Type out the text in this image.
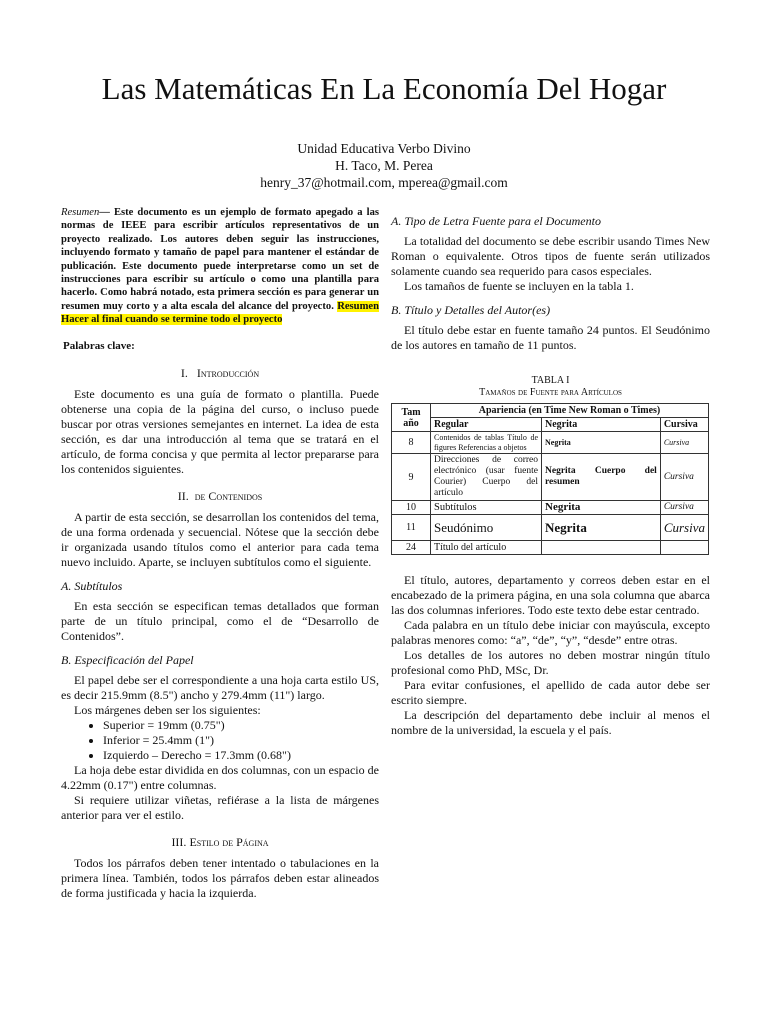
Las Matemáticas En La Economía Del Hogar
Unidad Educativa Verbo Divino
H. Taco, M. Perea
henry_37@hotmail.com, mperea@gmail.com

Resumen— Este documento es un ejemplo de formato apegado a las normas de IEEE para escribir artículos representativos de un proyecto realizado. Los autores deben seguir las instrucciones, incluyendo formato y tamaño de papel para mantener el estándar de publicación. Este documento puede interpretarse como un set de instrucciones para escribir su artículo o como una plantilla para hacerlo. Como habrá notado, esta primera sección es para generar un resumen muy corto y a alta escala del alcance del proyecto. Resumen Hacer al final cuando se termine todo el proyecto

Palabras clave:

I. Introducción

Este documento es una guía de formato o plantilla. Puede obtenerse una copia de la página del curso, o incluso puede buscar por otras versiones semejantes en internet. La idea de esta sección, es dar una introducción al tema que se tratará en el artículo, de forma concisa y que permita al lector prepararse para los contenidos siguientes.

II. de Contenidos

A partir de esta sección, se desarrollan los contenidos del tema, de una forma ordenada y secuencial. Nótese que la sección debe ir organizada usando títulos como el anterior para cada tema nuevo incluido. Aparte, se incluyen subtítulos como el siguiente.

A. Subtítulos

En esta sección se especifican temas detallados que forman parte de un título principal, como el de “Desarrollo de Contenidos”.

B. Especificación del Papel

El papel debe ser el correspondiente a una hoja carta estilo US, es decir 215.9mm (8.5") ancho y 279.4mm (11") largo.

Los márgenes deben ser los siguientes:

• Superior = 19mm (0.75")
• Inferior = 25.4mm (1")
• Izquierdo – Derecho = 17.3mm (0.68")

La hoja debe estar dividida en dos columnas, con un espacio de 4.22mm (0.17") entre columnas.

Si requiere utilizar viñetas, refiérase a la lista de márgenes anterior para ver el estilo.

III. Estilo de Página

Todos los párrafos deben tener intentado o tabulaciones en la primera línea. También, todos los párrafos deben estar alineados de forma justificada y hacia la izquierda.

A. Tipo de Letra Fuente para el Documento

La totalidad del documento se debe escribir usando Times New Roman o equivalente. Otros tipos de fuente serán utilizados solamente cuando sea requerido para casos especiales.

Los tamaños de fuente se incluyen en la tabla 1.

B. Título y Detalles del Autor(es)

El título debe estar en fuente tamaño 24 puntos. El Seudónimo de los autores en tamaño de 11 puntos.

TABLA I

Tamaños de Fuente para Artículos

Tam año	Apariencia (en Time New Roman o Times)		
	Regular	Negrita	Cursiva
8	Contenidos de tablas Título de figures Referencias a objetos	Negrita	Cursiva
9	Direcciones de correo electrónico (usar fuente Courier) Cuerpo del artículo	Negrita Cuerpo del resumen	Cursiva
10	Subtítulos	Negrita	Cursiva
11	Seudónimo	Negrita	Cursiva
24	Título del artículo		

El título, autores, departamento y correos deben estar en el encabezado de la primera página, en una sola columna que abarca las dos columnas inferiores. Todo este texto debe estar centrado.

Cada palabra en un título debe iniciar con mayúscula, excepto palabras menores como: “a”, “de”, “y”, “desde” entre otras.

Los detalles de los autores no deben mostrar ningún título profesional como PhD, MSc, Dr.

Para evitar confusiones, el apellido de cada autor debe ser escrito siempre.

La descripción del departamento debe incluir al menos el nombre de la universidad, la escuela y el país.
